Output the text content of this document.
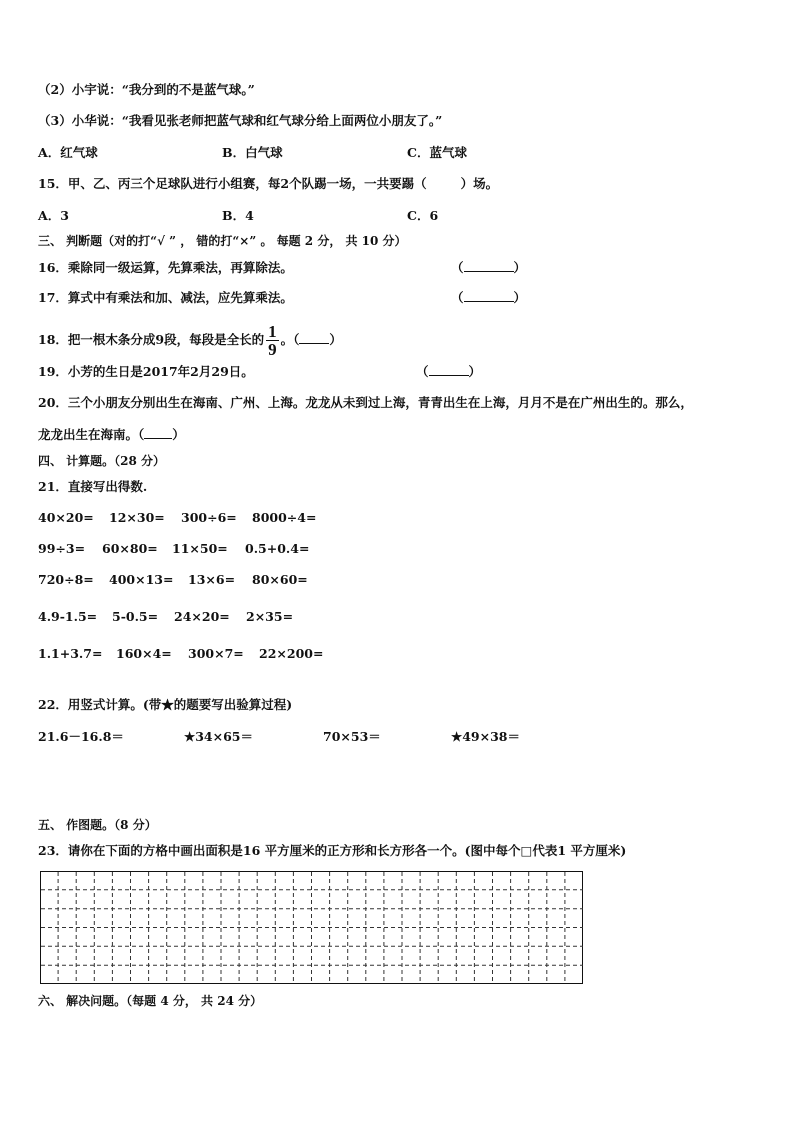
（2）小宇说：“我分到的不是蓝气球。”
（3）小华说：“我看见张老师把蓝气球和红气球分给上面两位小朋友了。”
A．红气球	B．白气球	C．蓝气球
15．甲、乙、丙三个足球队进行小组赛，每2个队踢一场，一共要踢（	）场。
A．3	B．4	C．6
三、 判断题（对的打“√ ” ， 错的打“×” 。 每题 2 分， 共 10 分）
16．乘除同一级运算，先算乘法，再算除法。	（	）
17．算式中有乘法和加、减法，应先算乘法。	（	）
18．把一根木条分成9段，每段是全长的 $\frac{1}{9}$ 。（ ）
19．小芳的生日是2017年2月29日。	（	）
20．三个小朋友分别出生在海南、广州、上海。龙龙从未到过上海，青青出生在上海，月月不是在广州出生的。那么，
龙龙出生在海南。（ ）
四、 计算题。（28 分）
21．直接写出得数.
40×20= 12×30= 300÷6= 8000÷4=
99÷3= 60×80= 11×50= 0.5+0.4=
720÷8= 400×13= 13×6= 80×60=
4.9-1.5= 5-0.5= 24×20= 2×35=
1.1+3.7= 160×4= 300×7= 22×200=
22．用竖式计算。(带★的题要写出验算过程)
21.6－16.8＝	★34×65＝	70×53＝	★49×38＝
五、 作图题。（8 分）
23．请你在下面的方格中画出面积是16 平方厘米的正方形和长方形各一个。(图中每个□代表1 平方厘米)
六、 解决问题。（每题 4 分， 共 24 分）
